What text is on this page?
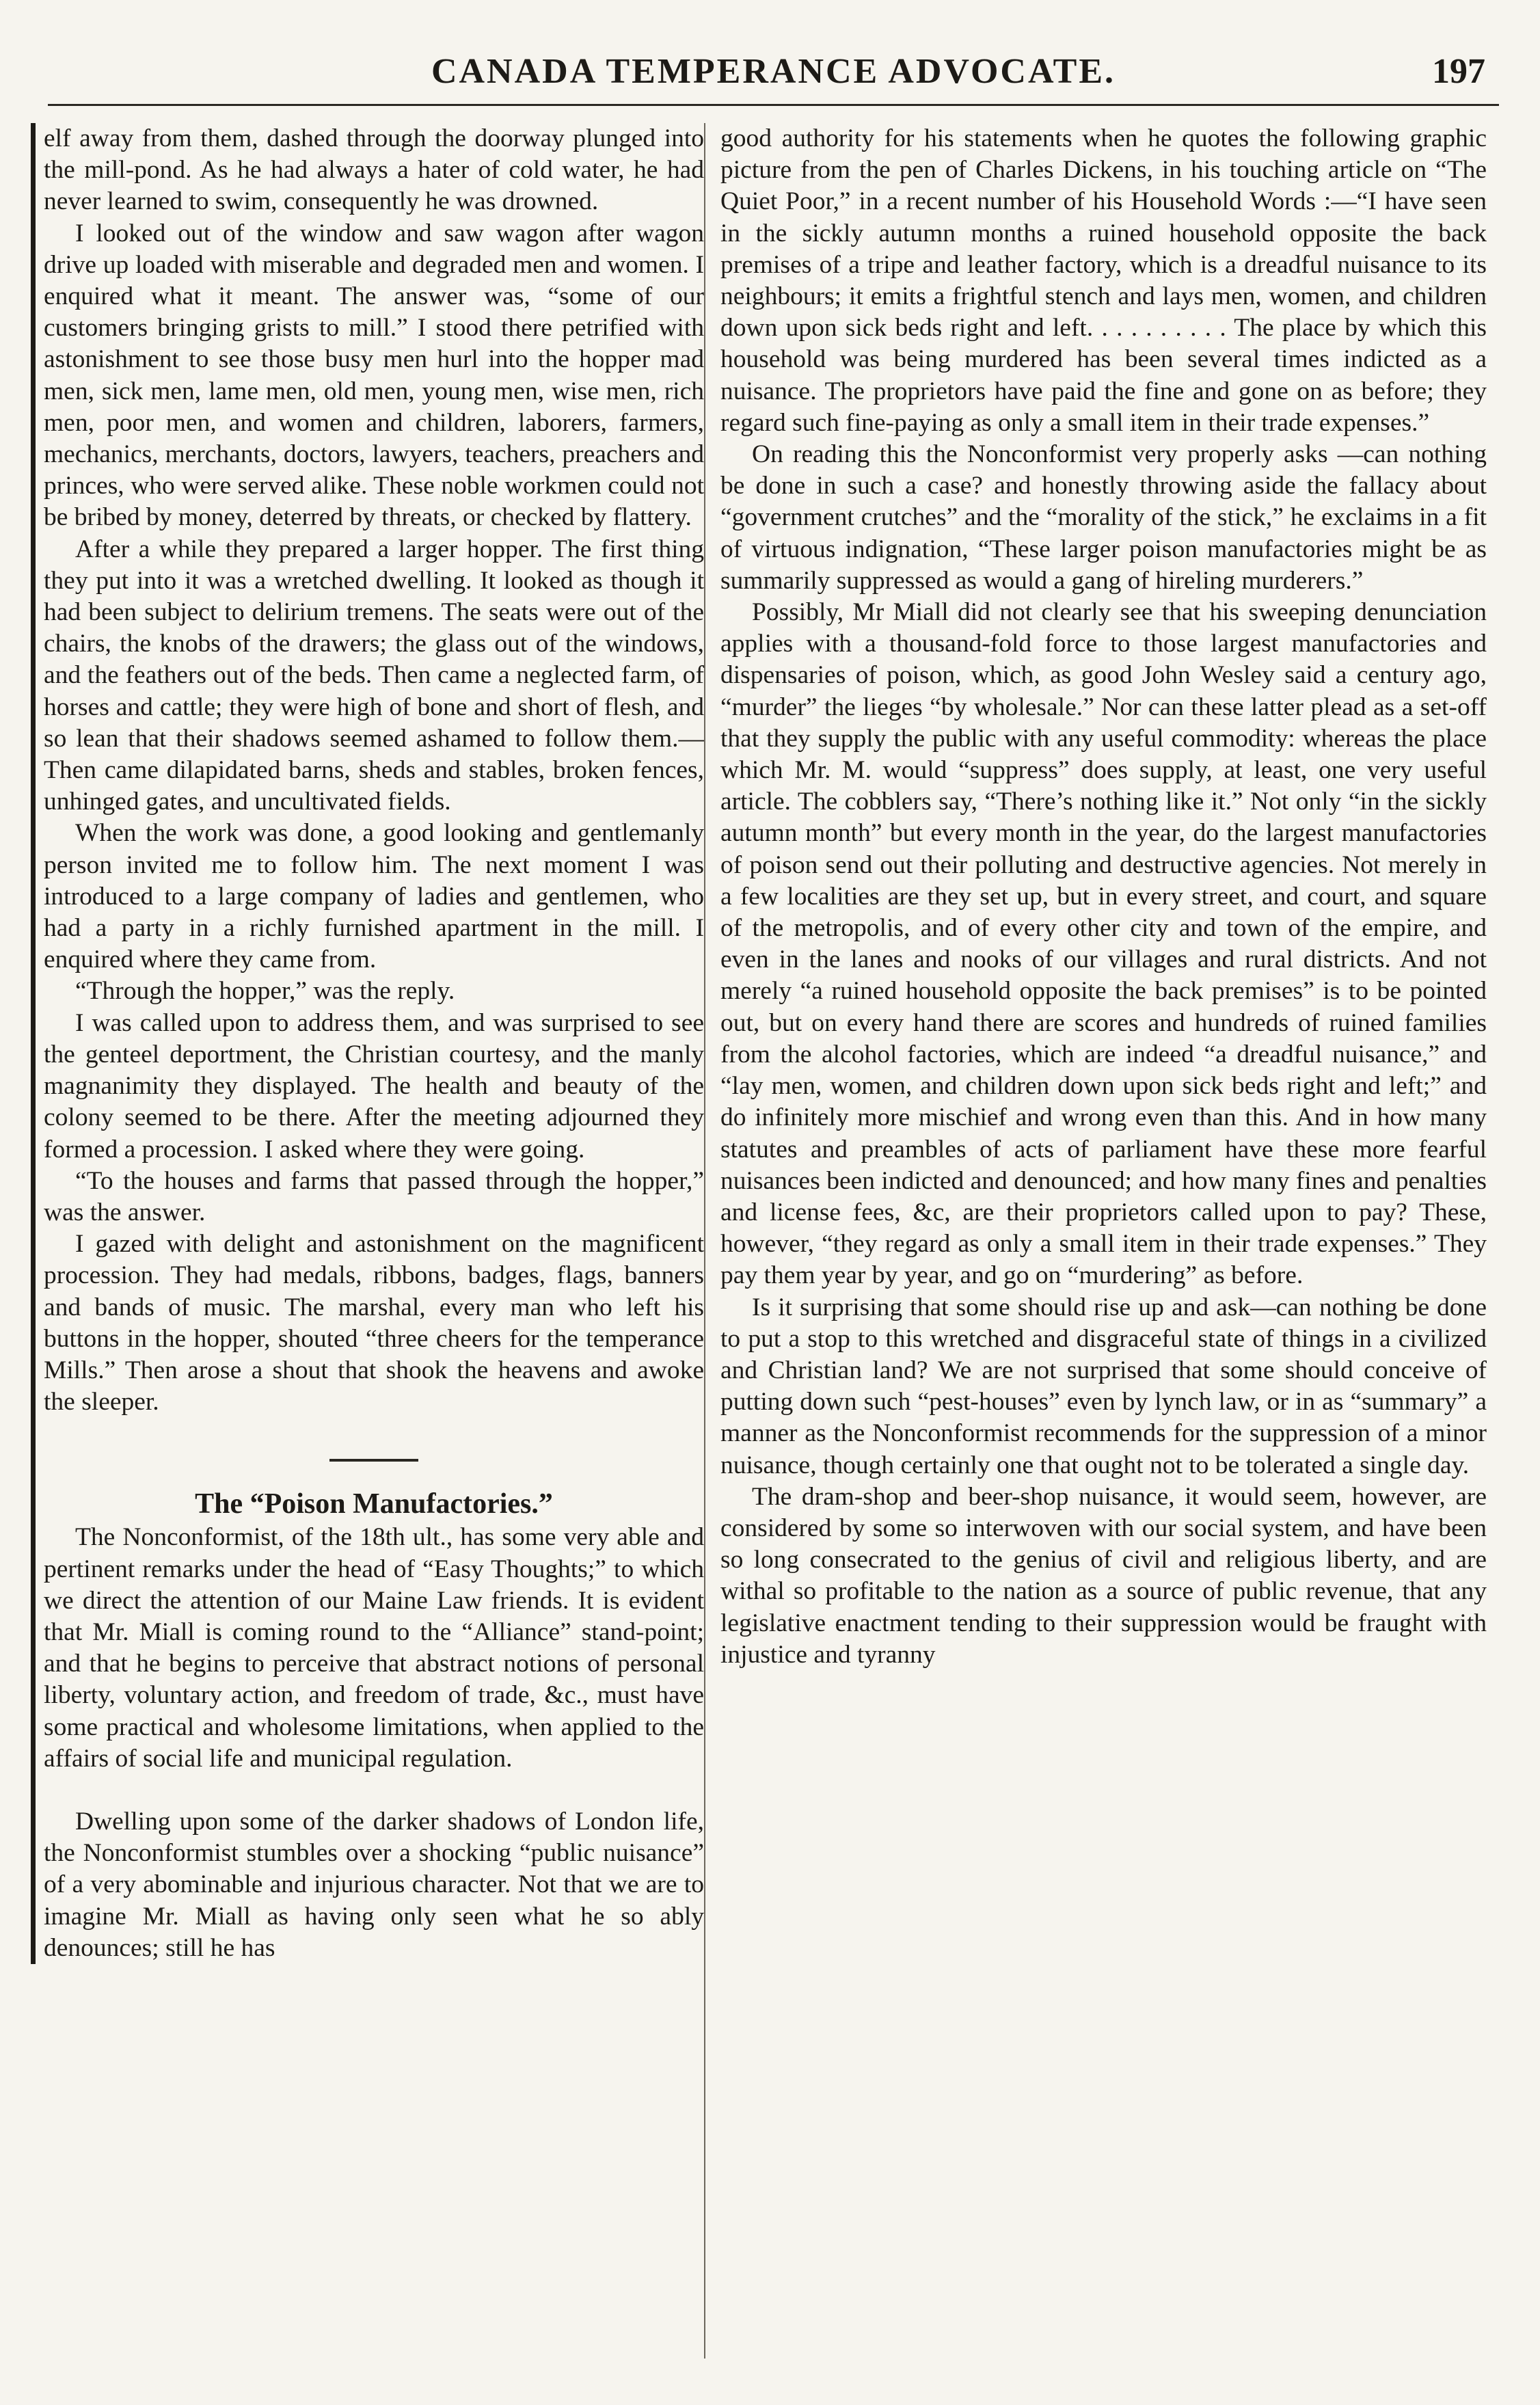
CANADA TEMPERANCE ADVOCATE.	197

elf away from them, dashed through the doorway plunged into the mill-pond. As he had always a hater of cold water, he had never learned to swim, consequently he was drowned.

I looked out of the window and saw wagon after wagon drive up loaded with miserable and degraded men and women. I enquired what it meant. The answer was, “some of our customers bringing grists to mill.” I stood there petrified with astonishment to see those busy men hurl into the hopper mad men, sick men, lame men, old men, young men, wise men, rich men, poor men, and women and children, laborers, farmers, mechanics, merchants, doctors, lawyers, teachers, preachers and princes, who were served alike. These noble workmen could not be bribed by money, deterred by threats, or checked by flattery.

After a while they prepared a larger hopper. The first thing they put into it was a wretched dwelling. It looked as though it had been subject to delirium tremens. The seats were out of the chairs, the knobs of the drawers; the glass out of the windows, and the feathers out of the beds. Then came a neglected farm, of horses and cattle; they were high of bone and short of flesh, and so lean that their shadows seemed ashamed to follow them.—Then came dilapidated barns, sheds and stables, broken fences, unhinged gates, and uncultivated fields.

When the work was done, a good looking and gentlemanly person invited me to follow him. The next moment I was introduced to a large company of ladies and gentlemen, who had a party in a richly furnished apartment in the mill. I enquired where they came from.

“Through the hopper,” was the reply.

I was called upon to address them, and was surprised to see the genteel deportment, the Christian courtesy, and the manly magnanimity they displayed. The health and beauty of the colony seemed to be there. After the meeting adjourned they formed a procession. I asked where they were going.

“To the houses and farms that passed through the hopper,” was the answer.

I gazed with delight and astonishment on the magnificent procession. They had medals, ribbons, badges, flags, banners and bands of music. The marshal, every man who left his buttons in the hopper, shouted “three cheers for the temperance Mills.” Then arose a shout that shook the heavens and awoke the sleeper.

The “Poison Manufactories.”

The Nonconformist, of the 18th ult., has some very able and pertinent remarks under the head of “Easy Thoughts;” to which we direct the attention of our Maine Law friends. It is evident that Mr. Miall is coming round to the “Alliance” stand-point; and that he begins to perceive that abstract notions of personal liberty, voluntary action, and freedom of trade, &c., must have some practical and wholesome limitations, when applied to the affairs of social life and municipal regulation.

Dwelling upon some of the darker shadows of London life, the Nonconformist stumbles over a shocking “public nuisance” of a very abominable and injurious character. Not that we are to imagine Mr. Miall as having only seen what he so ably denounces; still he has

good authority for his statements when he quotes the following graphic picture from the pen of Charles Dickens, in his touching article on “The Quiet Poor,” in a recent number of his Household Words :—“I have seen in the sickly autumn months a ruined household opposite the back premises of a tripe and leather factory, which is a dreadful nuisance to its neighbours; it emits a frightful stench and lays men, women, and children down upon sick beds right and left. . . . . . . . . . The place by which this household was being murdered has been several times indicted as a nuisance. The proprietors have paid the fine and gone on as before; they regard such fine-paying as only a small item in their trade expenses.”

On reading this the Nonconformist very properly asks —can nothing be done in such a case? and honestly throwing aside the fallacy about “government crutches” and the “morality of the stick,” he exclaims in a fit of virtuous indignation, “These larger poison manufactories might be as summarily suppressed as would a gang of hireling murderers.”

Possibly, Mr Miall did not clearly see that his sweeping denunciation applies with a thousand-fold force to those largest manufactories and dispensaries of poison, which, as good John Wesley said a century ago, “murder” the lieges “by wholesale.” Nor can these latter plead as a set-off that they supply the public with any useful commodity: whereas the place which Mr. M. would “suppress” does supply, at least, one very useful article. The cobblers say, “There’s nothing like it.” Not only “in the sickly autumn month” but every month in the year, do the largest manufactories of poison send out their polluting and destructive agencies. Not merely in a few localities are they set up, but in every street, and court, and square of the metropolis, and of every other city and town of the empire, and even in the lanes and nooks of our villages and rural districts. And not merely “a ruined household opposite the back premises” is to be pointed out, but on every hand there are scores and hundreds of ruined families from the alcohol factories, which are indeed “a dreadful nuisance,” and “lay men, women, and children down upon sick beds right and left;” and do infinitely more mischief and wrong even than this. And in how many statutes and preambles of acts of parliament have these more fearful nuisances been indicted and denounced; and how many fines and penalties and license fees, &c, are their proprietors called upon to pay? These, however, “they regard as only a small item in their trade expenses.” They pay them year by year, and go on “murdering” as before.

Is it surprising that some should rise up and ask—can nothing be done to put a stop to this wretched and disgraceful state of things in a civilized and Christian land? We are not surprised that some should conceive of putting down such “pest-houses” even by lynch law, or in as “summary” a manner as the Nonconformist recommends for the suppression of a minor nuisance, though certainly one that ought not to be tolerated a single day.

The dram-shop and beer-shop nuisance, it would seem, however, are considered by some so interwoven with our social system, and have been so long consecrated to the genius of civil and religious liberty, and are withal so profitable to the nation as a source of public revenue, that any legislative enactment tending to their suppression would be fraught with injustice and tyranny
